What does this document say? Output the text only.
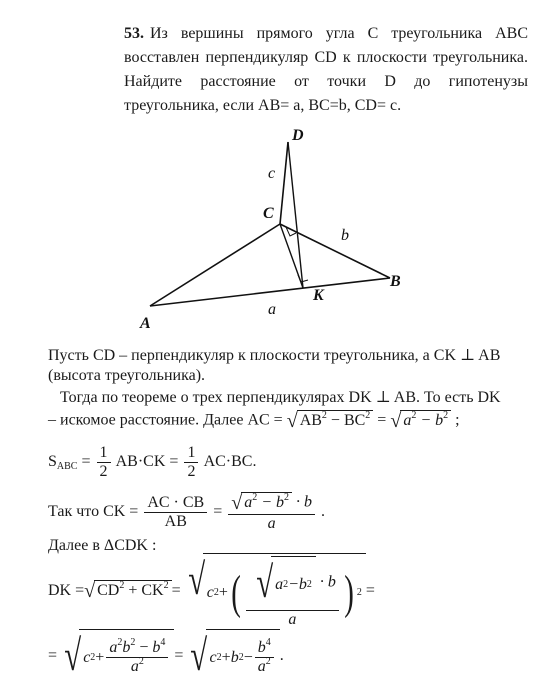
53. Из вершины прямого угла C треугольника ABC восставлен перпендикуляр CD к плоскости треугольника. Найдите расстояние от точки D до гипотенузы треугольника, если AB= a, BC=b, CD= c.

D
c
C
b
a
A
B
K
Пусть CD – перпендикуляр к плоскости треугольника, а CK ⊥ AB
(высота треугольника).
Тогда по теореме о трех перпендикулярах DK ⊥ AB. То есть DK
– искомое расстояние. Далее AC = √ $AB^2 - BC^2$ = √ $a^2 - b^2$ ;
$S_{ABC} = \frac{1}{2} AB\cdot CK = \frac{1}{2} AC\cdot BC$.
Так что CK = $\frac{AC \cdot CB}{AB} = \frac{√ a^2 - b^2 \cdot b}{a}$ .
Далее в ΔCDK :
DK = √ $CD^2 + CK^2$ = √ c 2 + ( $\frac{√ a 2 - b 2 \cdot b}{a}$ ) 2 =
= √ c $2 + \frac{a^2b^2 - b^4}{a^2}$ = √ c 2 + b $2 - \frac{b^4}{a^2}$ .
